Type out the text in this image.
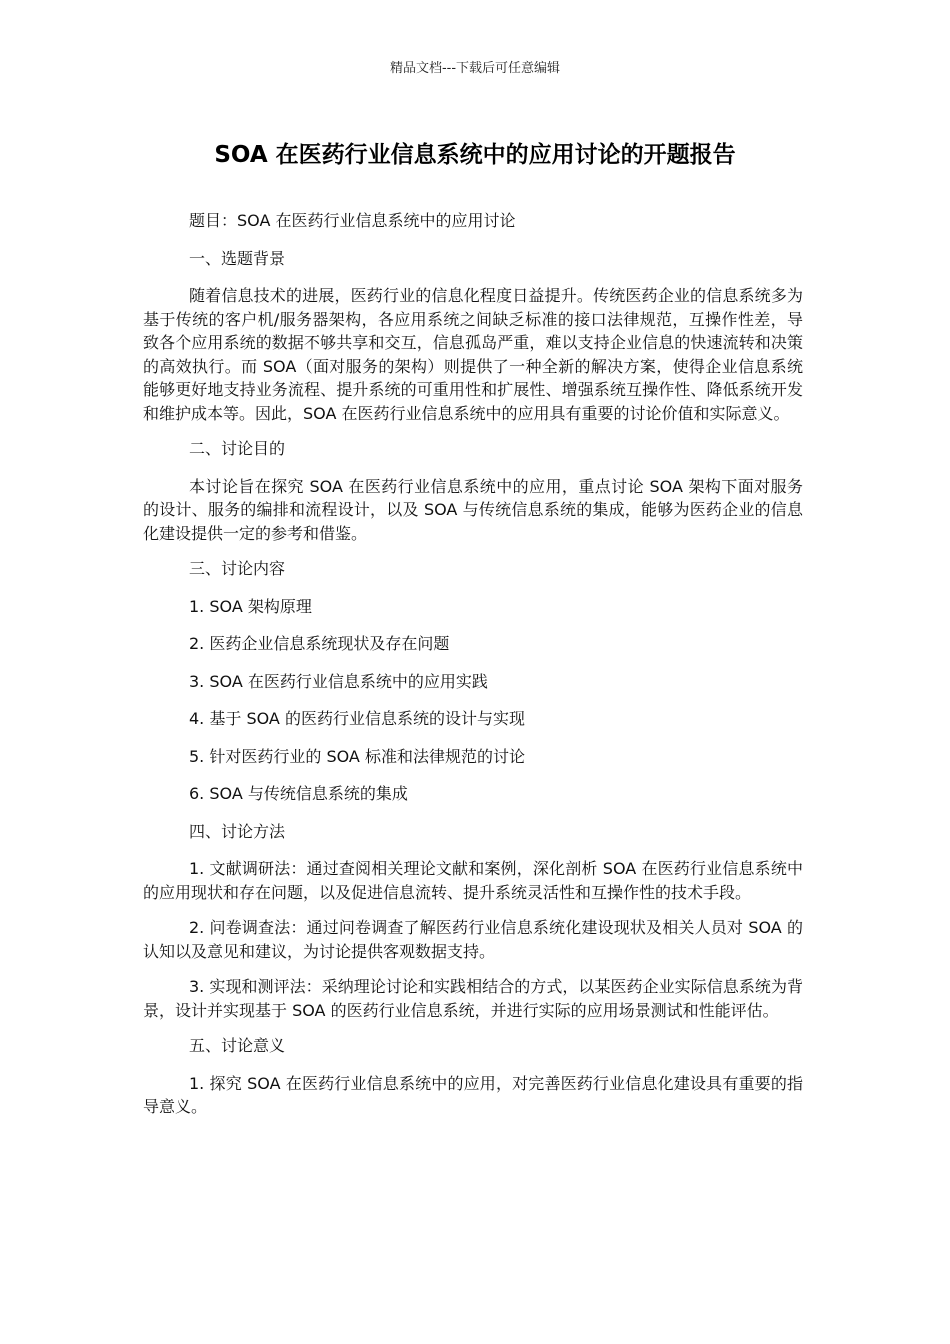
精品文档---下载后可任意编辑
SOA 在医药行业信息系统中的应用讨论的开题报告

题目：SOA 在医药行业信息系统中的应用讨论

一、选题背景

随着信息技术的进展，医药行业的信息化程度日益提升。传统医药企业的信息系统多为基于传统的客户机/服务器架构，各应用系统之间缺乏标准的接口法律规范，互操作性差，导致各个应用系统的数据不够共享和交互，信息孤岛严重，难以支持企业信息的快速流转和决策的高效执行。而 SOA（面对服务的架构）则提供了一种全新的解决方案，使得企业信息系统能够更好地支持业务流程、提升系统的可重用性和扩展性、增强系统互操作性、降低系统开发和维护成本等。因此，SOA 在医药行业信息系统中的应用具有重要的讨论价值和实际意义。

二、讨论目的

本讨论旨在探究 SOA 在医药行业信息系统中的应用，重点讨论 SOA 架构下面对服务的设计、服务的编排和流程设计，以及 SOA 与传统信息系统的集成，能够为医药企业的信息化建设提供一定的参考和借鉴。

三、讨论内容

1. SOA 架构原理

2. 医药企业信息系统现状及存在问题

3. SOA 在医药行业信息系统中的应用实践

4. 基于 SOA 的医药行业信息系统的设计与实现

5. 针对医药行业的 SOA 标准和法律规范的讨论

6. SOA 与传统信息系统的集成

四、讨论方法

1. 文献调研法：通过查阅相关理论文献和案例，深化剖析 SOA 在医药行业信息系统中的应用现状和存在问题，以及促进信息流转、提升系统灵活性和互操作性的技术手段。

2. 问卷调查法：通过问卷调查了解医药行业信息系统化建设现状及相关人员对 SOA 的认知以及意见和建议，为讨论提供客观数据支持。

3. 实现和测评法：采纳理论讨论和实践相结合的方式，以某医药企业实际信息系统为背景，设计并实现基于 SOA 的医药行业信息系统，并进行实际的应用场景测试和性能评估。

五、讨论意义

1. 探究 SOA 在医药行业信息系统中的应用，对完善医药行业信息化建设具有重要的指导意义。
